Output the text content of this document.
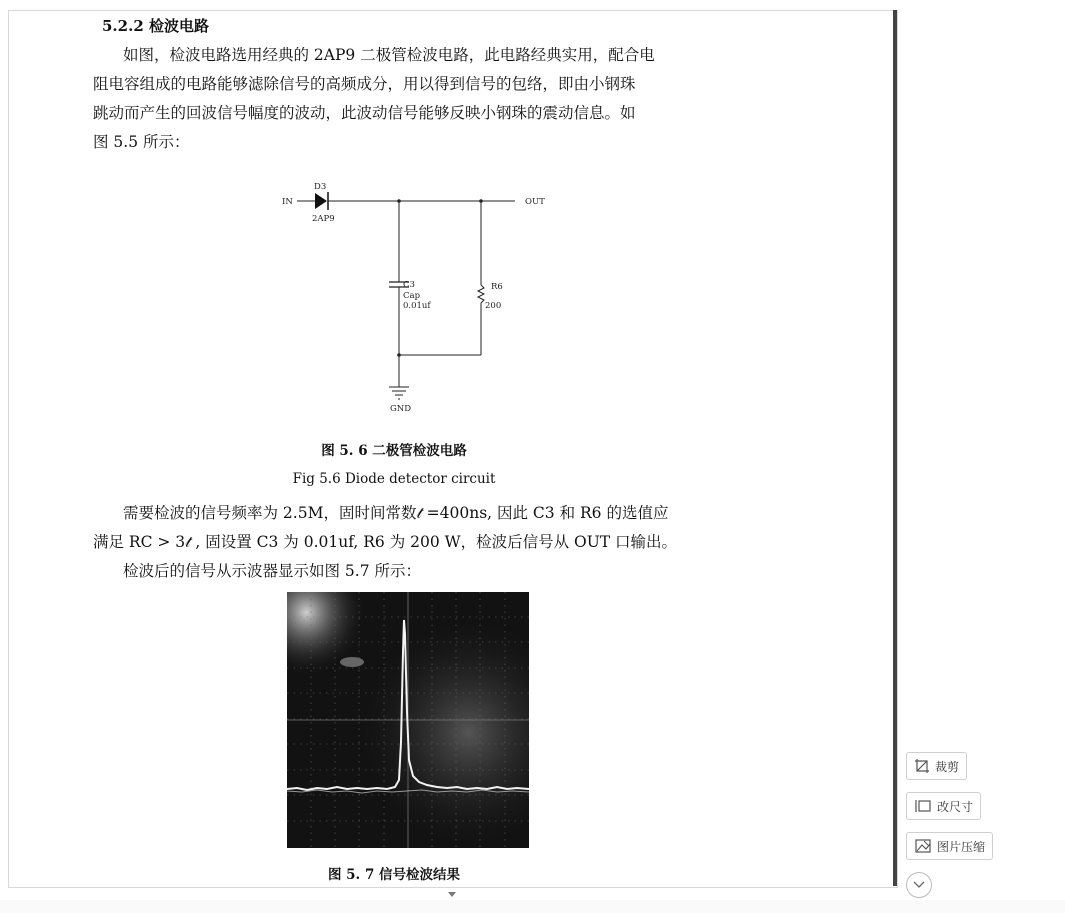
5.2.2 检波电路
如图，检波电路选用经典的 2AP9 二极管检波电路，此电路经典实用，配合电
阻电容组成的电路能够滤除信号的高频成分，用以得到信号的包络，即由小钢珠
跳动而产生的回波信号幅度的波动，此波动信号能够反映小钢珠的震动信息。如
图 5.5 所示：
IN
D3
2AP9
OUT
C3
Cap
0.01uf
R6
200
GND
图 5. 6 二极管检波电路
Fig 5.6 Diode detector circuit
需要检波的信号频率为 2.5M，固时间常数𝓉 =400ns, 因此 C3 和 R6 的选值应
满足 RC > 3𝓉 , 固设置 C3 为 0.01uf, R6 为 200 W，检波后信号从 OUT 口输出。
检波后的信号从示波器显示如图 5.7 所示：
图 5. 7 信号检波结果
裁剪
改尺寸
图片压缩
